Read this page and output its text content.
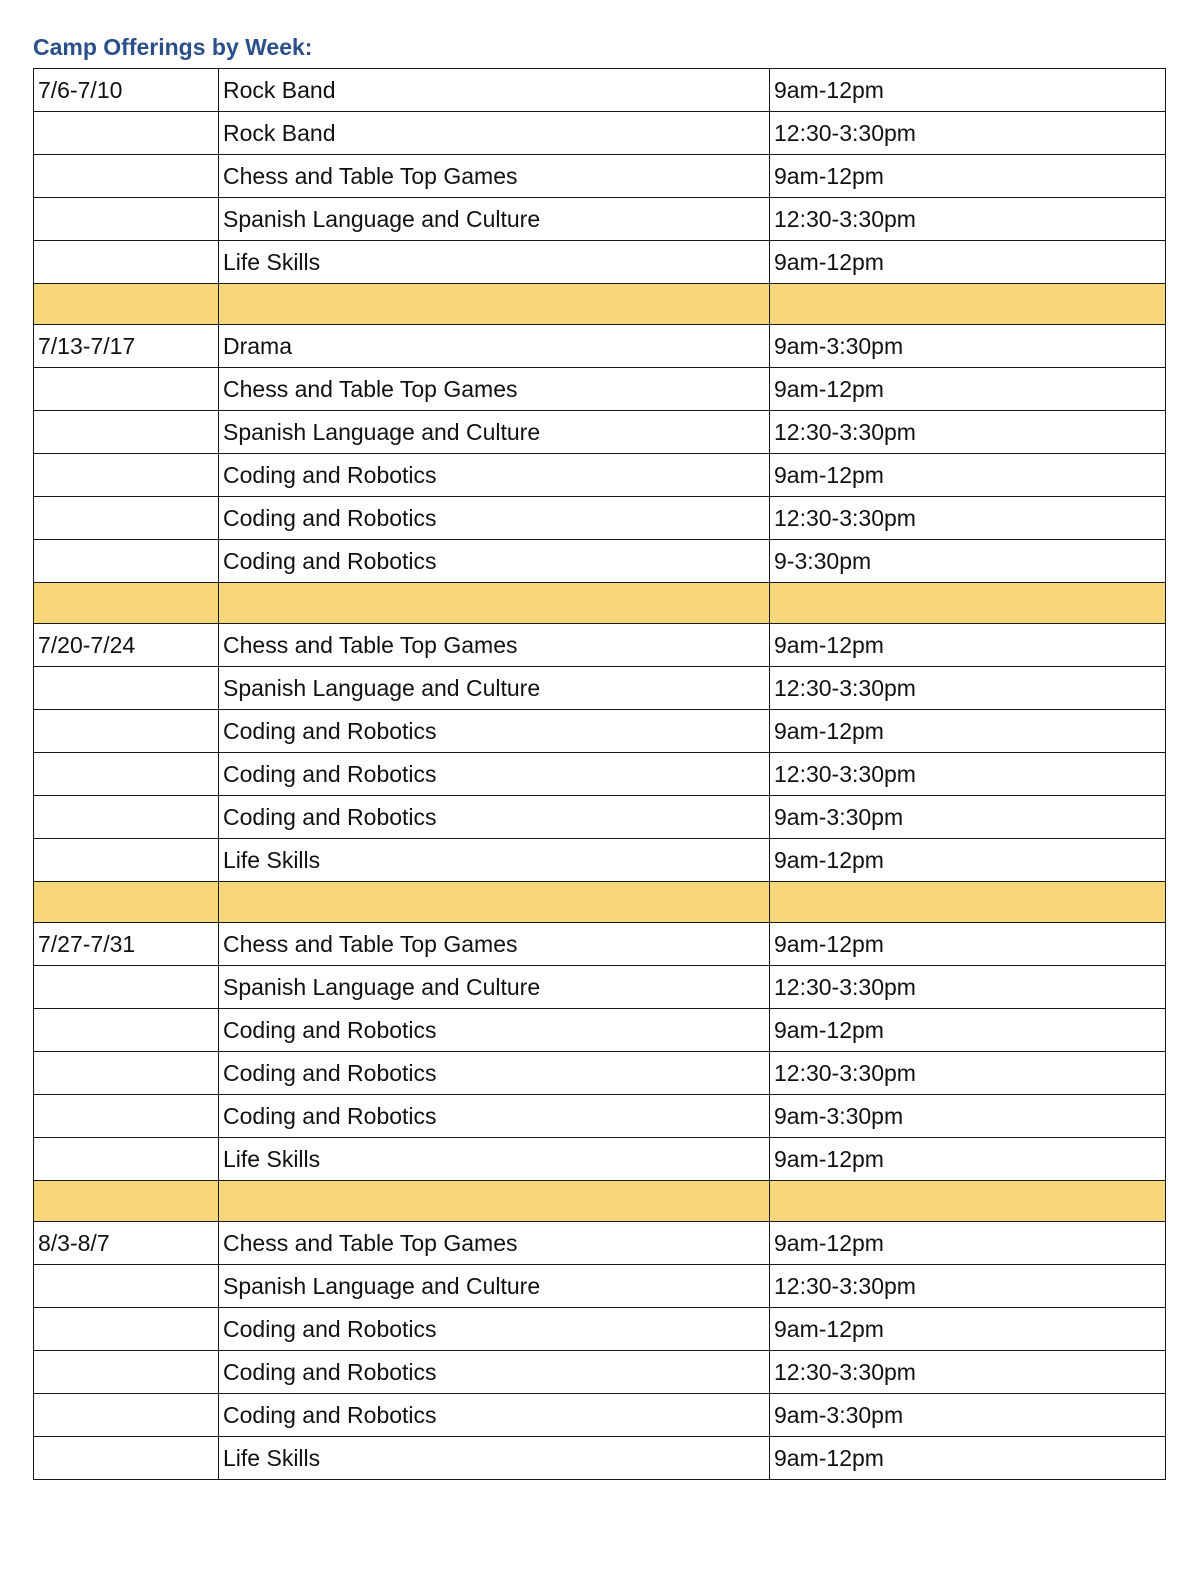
Camp Offerings by Week:
7/6-7/10	Rock Band	9am-12pm
	Rock Band	12:30-3:30pm
	Chess and Table Top Games	9am-12pm
	Spanish Language and Culture	12:30-3:30pm
	Life Skills	9am-12pm

7/13-7/17	Drama	9am-3:30pm
	Chess and Table Top Games	9am-12pm
	Spanish Language and Culture	12:30-3:30pm
	Coding and Robotics	9am-12pm
	Coding and Robotics	12:30-3:30pm
	Coding and Robotics	9-3:30pm

7/20-7/24	Chess and Table Top Games	9am-12pm
	Spanish Language and Culture	12:30-3:30pm
	Coding and Robotics	9am-12pm
	Coding and Robotics	12:30-3:30pm
	Coding and Robotics	9am-3:30pm
	Life Skills	9am-12pm

7/27-7/31	Chess and Table Top Games	9am-12pm
	Spanish Language and Culture	12:30-3:30pm
	Coding and Robotics	9am-12pm
	Coding and Robotics	12:30-3:30pm
	Coding and Robotics	9am-3:30pm
	Life Skills	9am-12pm

8/3-8/7	Chess and Table Top Games	9am-12pm
	Spanish Language and Culture	12:30-3:30pm
	Coding and Robotics	9am-12pm
	Coding and Robotics	12:30-3:30pm
	Coding and Robotics	9am-3:30pm
	Life Skills	9am-12pm
